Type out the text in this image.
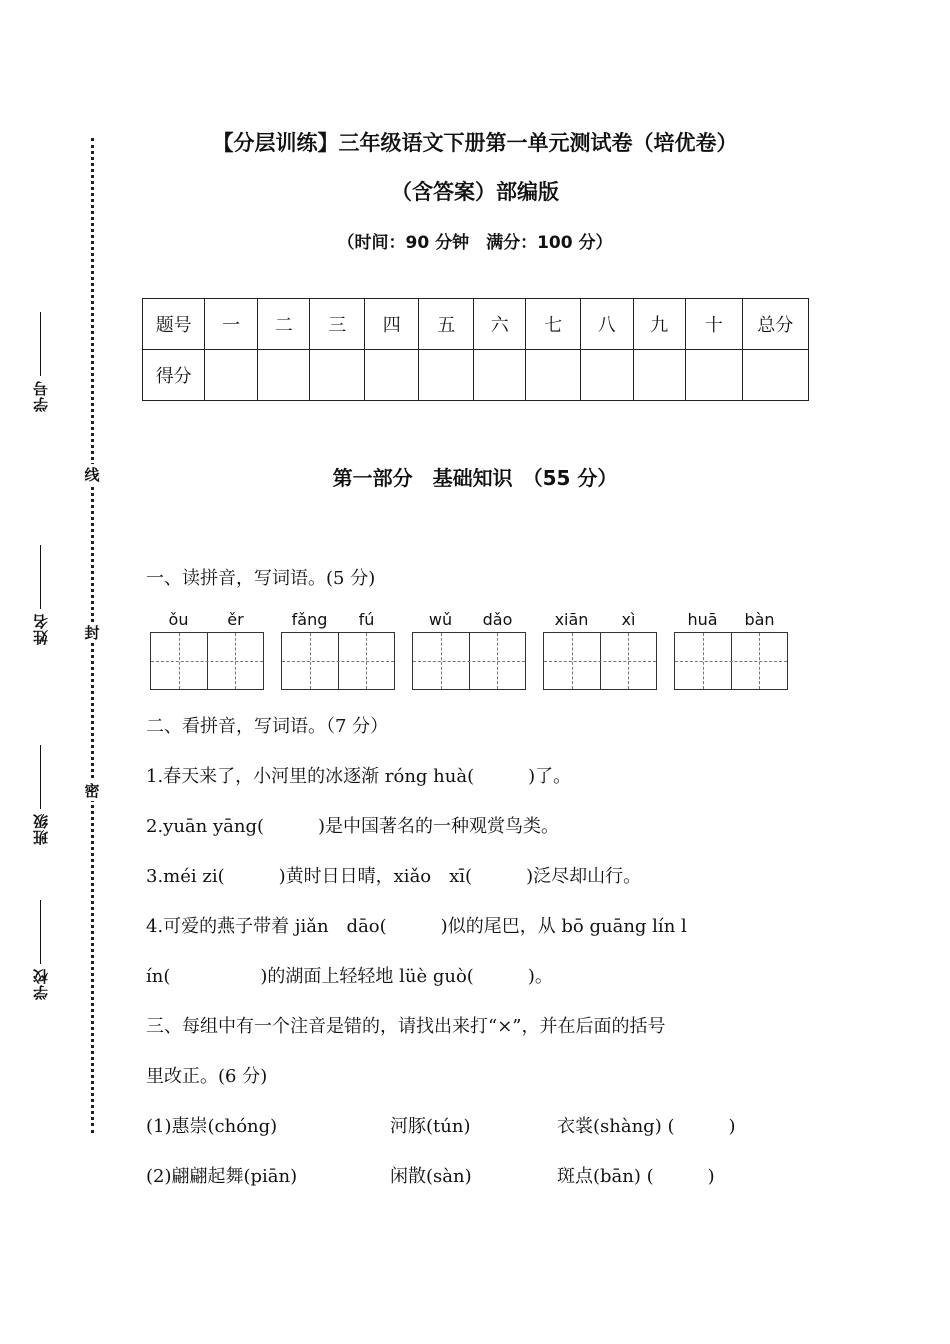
学号
姓名
班级
学校
线
封
密
【分层训练】三年级语文下册第一单元测试卷（培优卷）
（含答案）部编版
（时间：90 分钟　满分：100 分）
题号	一	二	三	四	五	六	七	八	九	十	总分
得分											
第一部分　基础知识　（55 分）
一、读拼音，写词语。(5 分)
ǒu	ěr	fǎng	fú	wǔ	dǎo	xiān	xì	huā	bàn
二、看拼音，写词语。（7 分）
1.春天来了，小河里的冰逐渐 róng huà(　　　)了。
2.yuān yāng(　　　)是中国著名的一种观赏鸟类。
3.méi zi(　　　)黄时日日晴，xiǎo　xī(　　　)泛尽却山行。
4.可爱的燕子带着 jiǎn　dāo(　　　)似的尾巴，从 bō guāng lín l
ín(　　　　　)的湖面上轻轻地 lüè guò(　　　)。
三、每组中有一个注音是错的，请找出来打“×”，并在后面的括号
里改正。(6 分)
(1)惠崇(chóng)	河豚(tún)	衣裳(shàng) (　　　)
(2)翩翩起舞(piān)	闲散(sàn)	斑点(bān) (　　　)
